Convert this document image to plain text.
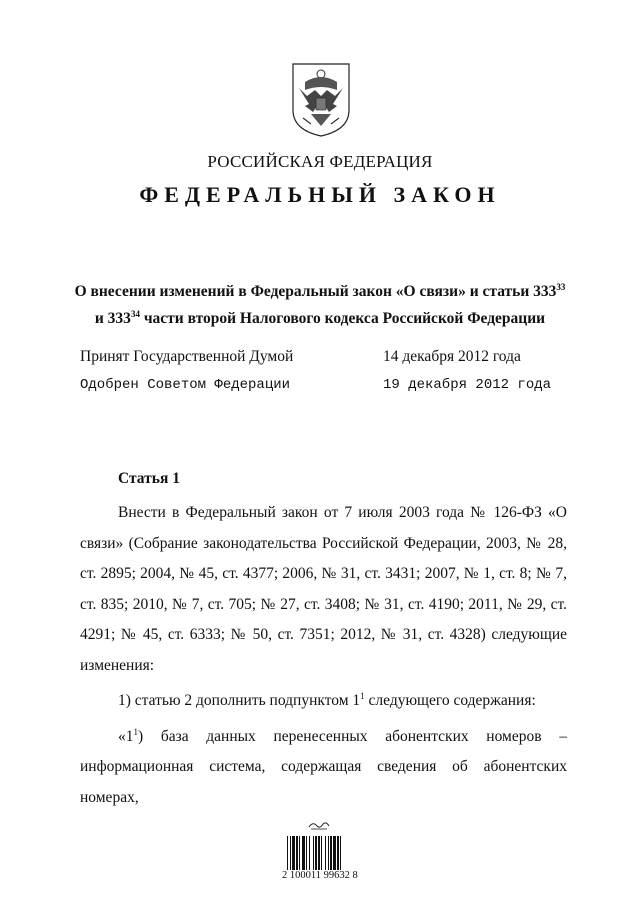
РОССИЙСКАЯ ФЕДЕРАЦИЯ
ФЕДЕРАЛЬНЫЙ ЗАКОН
О внесении изменений в Федеральный закон «О связи» и статьи $333^{33}$
и $333^{34}$ части второй Налогового кодекса Российской Федерации
Принят Государственной Думой	14 декабря 2012 года
Одобрен Советом Федерации	19 декабря 2012 года
Статья 1

Внести в Федеральный закон от 7 июля 2003 года № 126-ФЗ «О связи» (Собрание законодательства Российской Федерации, 2003, № 28, ст. 2895; 2004, № 45, ст. 4377; 2006, № 31, ст. 3431; 2007, № 1, ст. 8; № 7, ст. 835; 2010, № 7, ст. 705; № 27, ст. 3408; № 31, ст. 4190; 2011, № 29, ст. 4291; № 45, ст. 6333; № 50, ст. 7351; 2012, № 31, ст. 4328) следующие изменения:

1) статью 2 дополнить подпунктом $1^1$ следующего содержания:

«$1^1$) база данных перенесенных абонентских номеров – информационная система, содержащая сведения об абонентских номерах,

2 100011 99632 8
